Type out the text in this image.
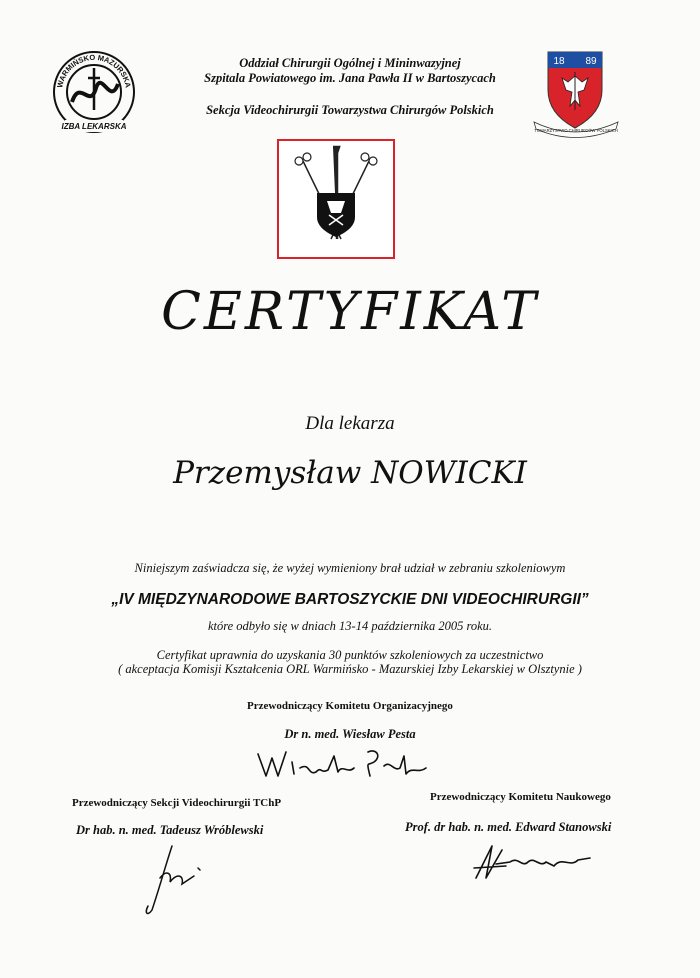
WARMIŃSKO MAZURSKA
IZBA LEKARSKA
Oddział Chirurgii Ogólnej i Mininwazyjnej
Szpitala Powiatowego im. Jana Pawła II w Bartoszycach
Sekcja Videochirurgii Towarzystwa Chirurgów Polskich
18 89
TOWARZYSTWO CHIRURGÓW POLSKICH
CERTYFIKAT
Dla lekarza
Przemysław NOWICKI
Niniejszym zaświadcza się, że wyżej wymieniony brał udział w zebraniu szkoleniowym
„IV MIĘDZYNARODOWE BARTOSZYCKIE DNI VIDEOCHIRURGII”
które odbyło się w dniach 13-14 października 2005 roku.
Certyfikat uprawnia do uzyskania 30 punktów szkoleniowych za uczestnictwo
( akceptacja Komisji Kształcenia ORL Warmińsko - Mazurskiej Izby Lekarskiej w Olsztynie )
Przewodniczący Komitetu Organizacyjnego
Dr n. med. Wiesław Pesta
Przewodniczący Sekcji Videochirurgii TChP
Dr hab. n. med. Tadeusz Wróblewski
Przewodniczący Komitetu Naukowego
Prof. dr hab. n. med. Edward Stanowski
